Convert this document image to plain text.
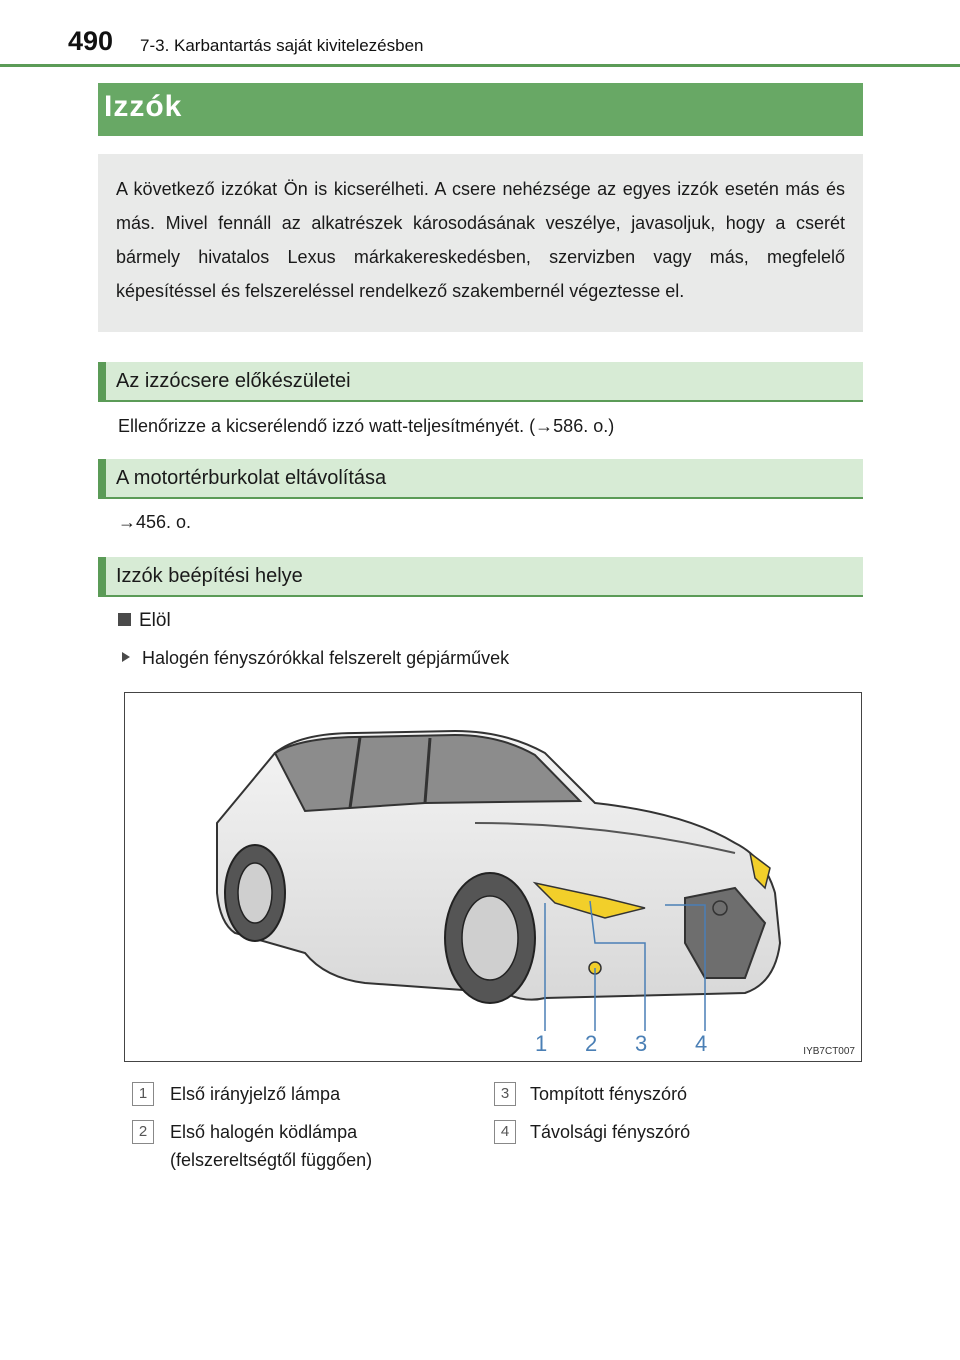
490 7-3. Karbantartás saját kivitelezésben
Izzók
A következő izzókat Ön is kicserélheti. A csere nehézsége az egyes izzók esetén más és más. Mivel fennáll az alkatrészek károsodásának veszélye, javasoljuk, hogy a cserét bármely hivatalos Lexus márkakereskedésben, szervizben vagy más, megfelelő képesítéssel és felszereléssel rendelkező szakembernél végeztesse el.
Az izzócsere előkészületei
Ellenőrizze a kicserélendő izzó watt-teljesítményét. (→586. o.)
A motortérburkolat eltávolítása
→456. o.
Izzók beépítési helye
Elöl
Halogén fényszórókkal felszerelt gépjárművek
1 2 3 4	IYB7CT007
1	Első irányjelző lámpa
2	Első halogén ködlámpa (felszereltségtől függően)
3	Tompított fényszóró
4	Távolsági fényszóró
